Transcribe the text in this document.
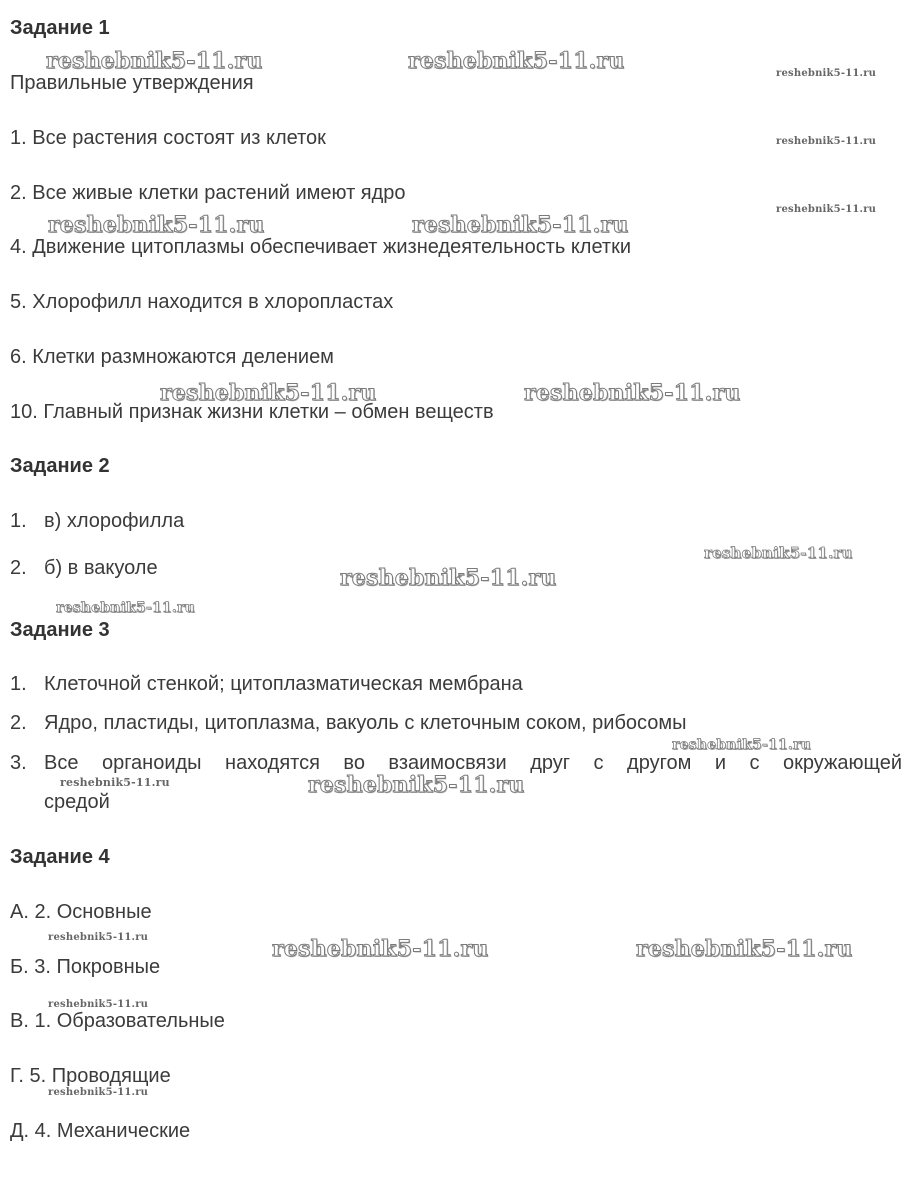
Задание 1
Правильные утверждения
1. Все растения состоят из клеток
2. Все живые клетки растений имеют ядро
4. Движение цитоплазмы обеспечивает жизнедеятельность клетки
5. Хлорофилл находится в хлоропластах
6. Клетки размножаются делением
10. Главный признак жизни клетки – обмен веществ
Задание 2
1. в) хлорофилла
2. б) в вакуоле
Задание 3
1. Клеточной стенкой; цитоплазматическая мембрана
2. Ядро, пластиды, цитоплазма, вакуоль с клеточным соком, рибосомы
3. Все органоиды находятся во взаимосвязи друг с другом и с окружающей
средой
Задание 4
А. 2. Основные
Б. 3. Покровные
В. 1. Образовательные
Г. 5. Проводящие
Д. 4. Механические
reshebnik5-11.ru	reshebnik5-11.ru	reshebnik5-11.ru
reshebnik5-11.ru
reshebnik5-11.ru
reshebnik5-11.ru	reshebnik5-11.ru
reshebnik5-11.ru	reshebnik5-11.ru
reshebnik5-11.ru
reshebnik5-11.ru
reshebnik5-11.ru
reshebnik5-11.ru
reshebnik5-11.ru	reshebnik5-11.ru
reshebnik5-11.ru	reshebnik5-11.ru	reshebnik5-11.ru
reshebnik5-11.ru
reshebnik5-11.ru
